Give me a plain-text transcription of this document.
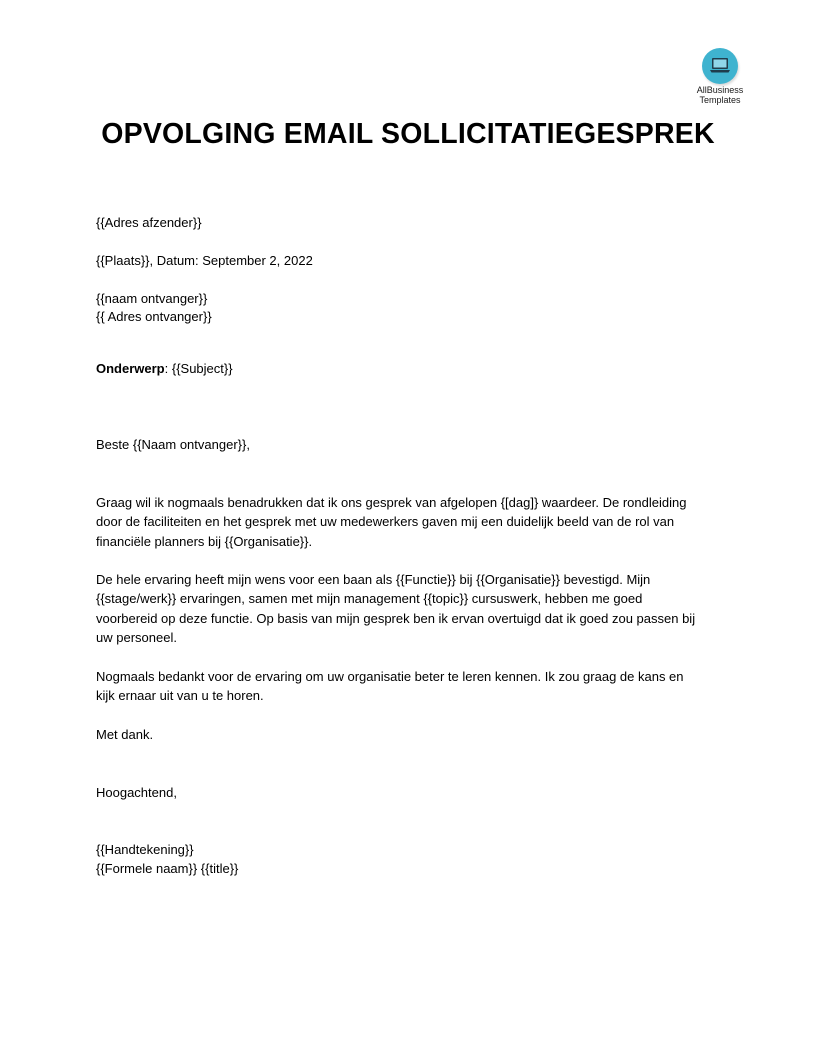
AllBusiness
Templates
OPVOLGING EMAIL SOLLICITATIEGESPREK
{{Adres afzender}}
{{Plaats}}, Datum: September 2, 2022
{{naam ontvanger}}
{{ Adres ontvanger}}
Onderwerp: {{Subject}}
Beste {{Naam ontvanger}},
Graag wil ik nogmaals benadrukken dat ik ons gesprek van afgelopen {[dag]} waardeer. De rondleiding
door de faciliteiten en het gesprek met uw medewerkers gaven mij een duidelijk beeld van de rol van
financiële planners bij {{Organisatie}}.
De hele ervaring heeft mijn wens voor een baan als {{Functie}} bij {{Organisatie}} bevestigd. Mijn
{{stage/werk}} ervaringen, samen met mijn management {{topic}} cursuswerk, hebben me goed
voorbereid op deze functie. Op basis van mijn gesprek ben ik ervan overtuigd dat ik goed zou passen bij
uw personeel.
Nogmaals bedankt voor de ervaring om uw organisatie beter te leren kennen. Ik zou graag de kans en
kijk ernaar uit van u te horen.
Met dank.
Hoogachtend,
{{Handtekening}}
{{Formele naam}} {{title}}
